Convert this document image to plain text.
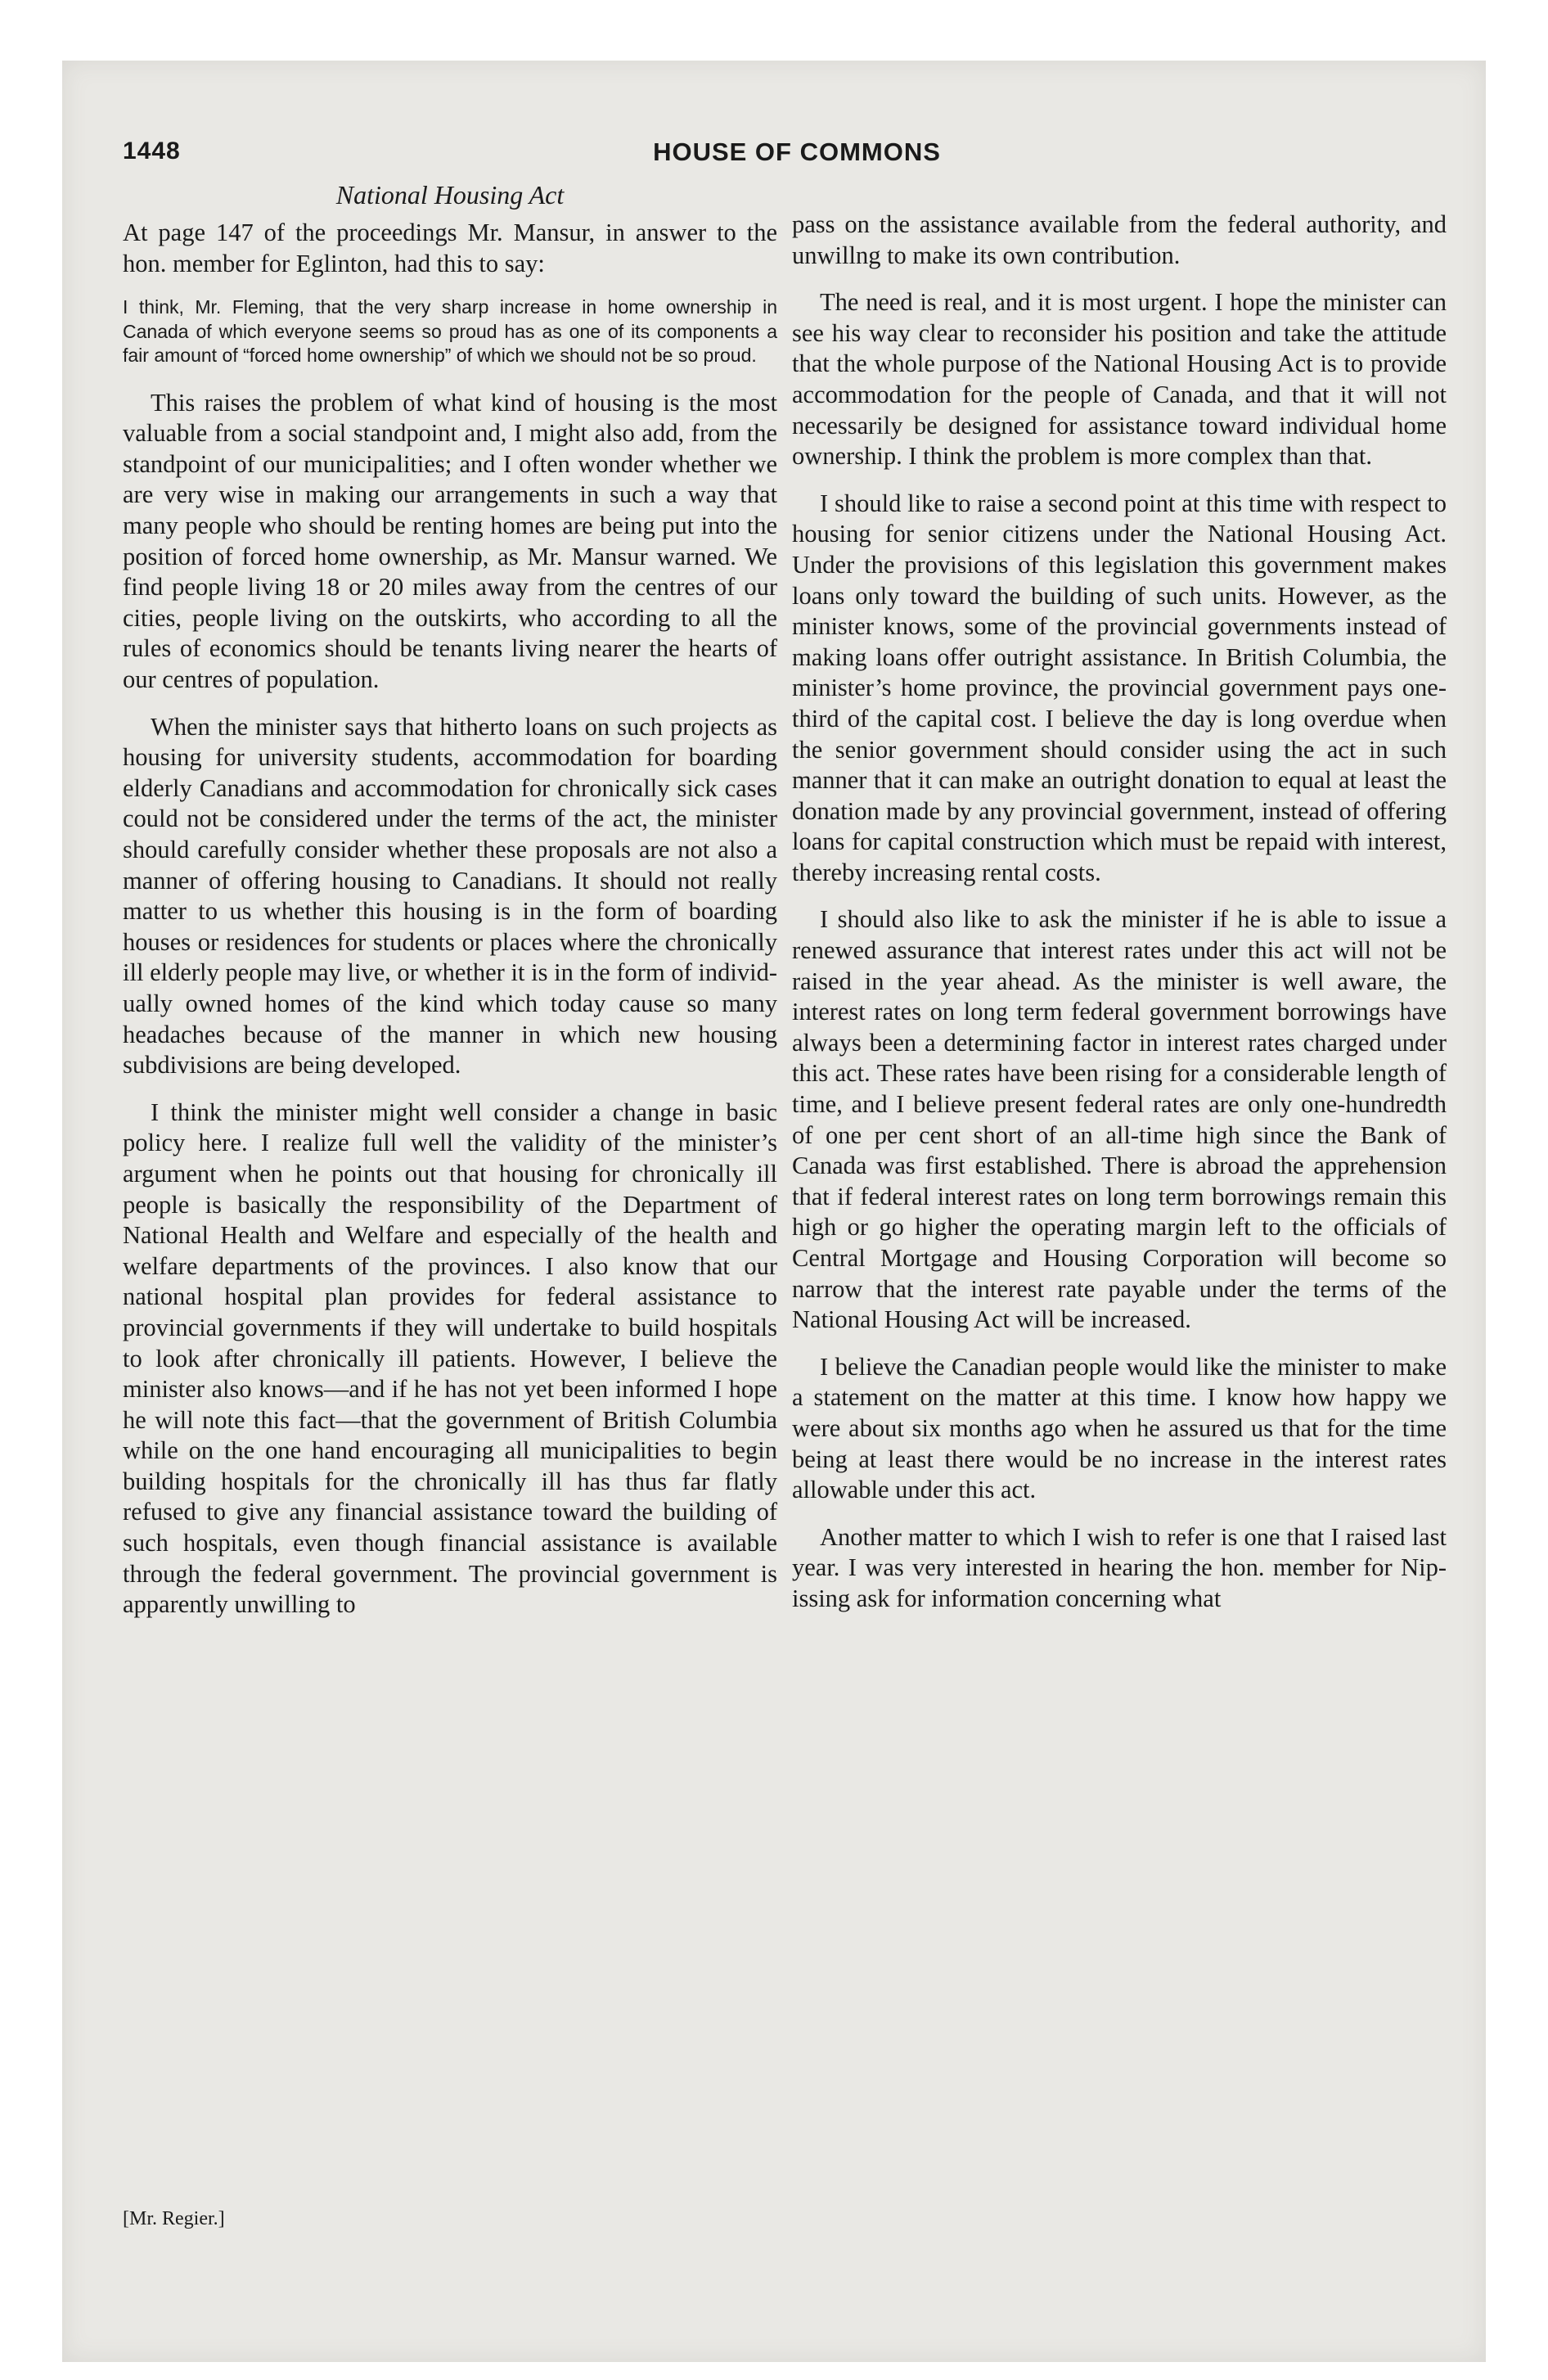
HOUSE OF COMMONS
1448
National Housing Act

At page 147 of the proceedings Mr. Mansur, in answer to the hon. member for Eglinton, had this to say:

I think, Mr. Fleming, that the very sharp increase in home ownership in Canada of which everyone seems so proud has as one of its components a fair amount of “forced home ownership” of which we should not be so proud.

This raises the problem of what kind of housing is the most valuable from a social standpoint and, I might also add, from the standpoint of our municipalities; and I often wonder whether we are very wise in making our arrangements in such a way that many people who should be renting homes are being put into the position of forced home ownership, as Mr. Mansur warned. We find people living 18 or 20 miles away from the centres of our cities, people living on the outskirts, who according to all the rules of economics should be tenants living nearer the hearts of our centres of population.

When the minister says that hitherto loans on such projects as housing for university students, accommodation for boarding elderly Canadians and accommodation for chronically sick cases could not be considered under the terms of the act, the minister should carefully consider whether these proposals are not also a manner of offering housing to Canadians. It should not really matter to us whether this housing is in the form of boarding houses or residences for students or places where the chronically ill elderly people may live, or whether it is in the form of individually owned homes of the kind which today cause so many headaches because of the manner in which new housing subdivisions are being developed.

I think the minister might well consider a change in basic policy here. I realize full well the validity of the minister’s argument when he points out that housing for chronically ill people is basically the responsibility of the Department of National Health and Welfare and especially of the health and welfare departments of the provinces. I also know that our national hospital plan provides for federal assistance to provincial governments if they will undertake to build hospitals to look after chronically ill patients. However, I believe the minister also knows—and if he has not yet been informed I hope he will note this fact—that the government of British Columbia while on the one hand encouraging all municipalities to begin building hospitals for the chronically ill has thus far flatly refused to give any financial assistance toward the building of such hospitals, even though financial assistance is available through the federal government. The provincial government is apparently unwilling to

pass on the assistance available from the federal authority, and unwillng to make its own contribution.

The need is real, and it is most urgent. I hope the minister can see his way clear to reconsider his position and take the attitude that the whole purpose of the National Housing Act is to provide accommodation for the people of Canada, and that it will not necessarily be designed for assistance toward individual home ownership. I think the problem is more complex than that.

I should like to raise a second point at this time with respect to housing for senior citizens under the National Housing Act. Under the provisions of this legislation this government makes loans only toward the building of such units. However, as the minister knows, some of the provincial governments instead of making loans offer outright assistance. In British Columbia, the minister’s home province, the provincial government pays one-third of the capital cost. I believe the day is long overdue when the senior government should consider using the act in such manner that it can make an outright donation to equal at least the donation made by any provincial government, instead of offering loans for capital construction which must be repaid with interest, thereby increasing rental costs.

I should also like to ask the minister if he is able to issue a renewed assurance that interest rates under this act will not be raised in the year ahead. As the minister is well aware, the interest rates on long term federal government borrowings have always been a determining factor in interest rates charged under this act. These rates have been rising for a considerable length of time, and I believe present federal rates are only one-hundredth of one per cent short of an all-time high since the Bank of Canada was first established. There is abroad the apprehension that if federal interest rates on long term borrowings remain this high or go higher the operating margin left to the officials of Central Mortgage and Housing Corporation will become so narrow that the interest rate payable under the terms of the National Housing Act will be increased.

I believe the Canadian people would like the minister to make a statement on the matter at this time. I know how happy we were about six months ago when he assured us that for the time being at least there would be no increase in the interest rates allowable under this act.

Another matter to which I wish to refer is one that I raised last year. I was very interested in hearing the hon. member for Nipissing ask for information concerning what

[Mr. Regier.]
